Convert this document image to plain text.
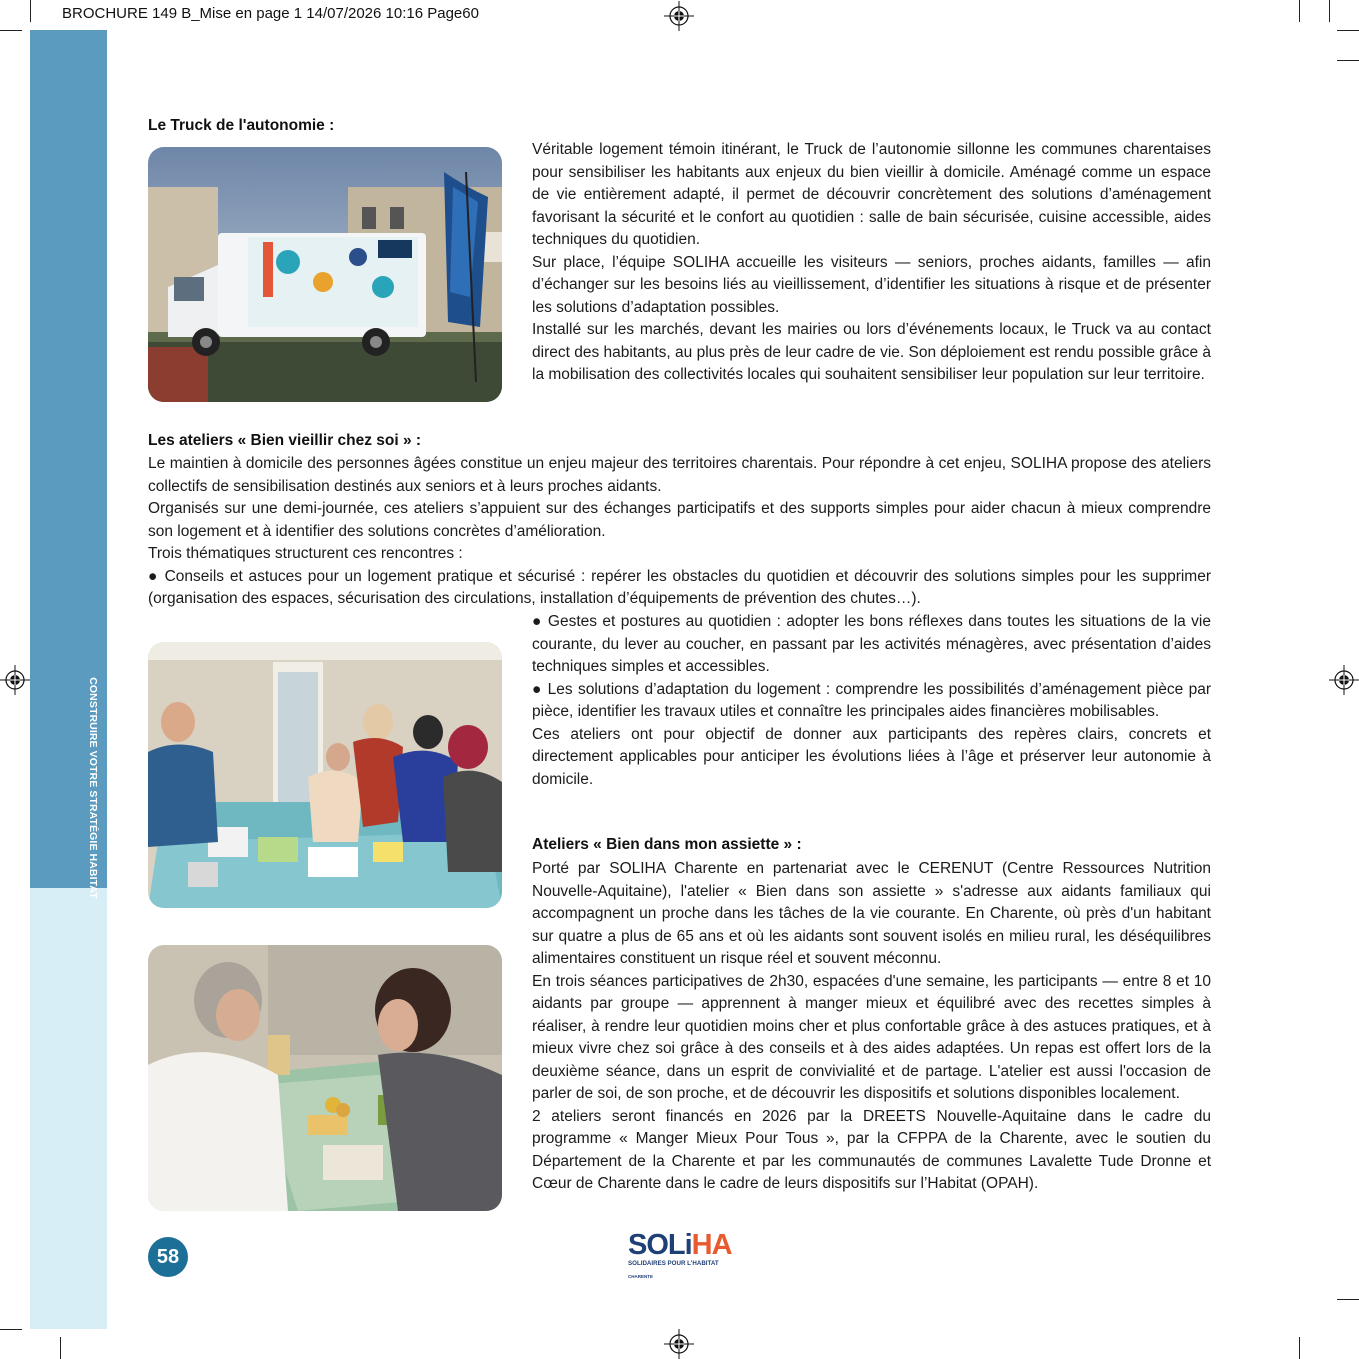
BROCHURE 149 B_Mise en page 1 14/07/2026 10:16 Page60
CONSTRUIRE VOTRE STRATÉGIE HABITAT
Le Truck de l'autonomie :

Véritable logement témoin itinérant, le Truck de l’autonomie sillonne les communes charentaises pour sensibiliser les habitants aux enjeux du bien vieillir à domicile. Aménagé comme un espace de vie entièrement adapté, il permet de découvrir concrètement des solutions d’aménagement favorisant la sécurité et le confort au quotidien : salle de bain sécurisée, cuisine accessible, aides techniques du quotidien.

Sur place, l’équipe SOLIHA accueille les visiteurs — seniors, proches aidants, familles — afin d’échanger sur les besoins liés au vieillissement, d’identifier les situations à risque et de présenter les solutions d’adaptation possibles.

Installé sur les marchés, devant les mairies ou lors d’événements locaux, le Truck va au contact direct des habitants, au plus près de leur cadre de vie. Son déploiement est rendu possible grâce à la mobilisation des collectivités locales qui souhaitent sensibiliser leur population sur leur territoire.

Les ateliers « Bien vieillir chez soi » :

Le maintien à domicile des personnes âgées constitue un enjeu majeur des territoires charentais. Pour répondre à cet enjeu, SOLIHA propose des ateliers collectifs de sensibilisation destinés aux seniors et à leurs proches aidants.

Organisés sur une demi-journée, ces ateliers s’appuient sur des échanges participatifs et des supports simples pour aider chacun à mieux comprendre son logement et à identifier des solutions concrètes d’amélioration.

Trois thématiques structurent ces rencontres :

● Conseils et astuces pour un logement pratique et sécurisé : repérer les obstacles du quotidien et découvrir des solutions simples pour les supprimer (organisation des espaces, sécurisation des circulations, installation d’équipements de prévention des chutes…).

● Gestes et postures au quotidien : adopter les bons réflexes dans toutes les situations de la vie courante, du lever au coucher, en passant par les activités ménagères, avec présentation d’aides techniques simples et accessibles.

● Les solutions d’adaptation du logement : comprendre les possibilités d’aménagement pièce par pièce, identifier les travaux utiles et connaître les principales aides financières mobilisables.

Ces ateliers ont pour objectif de donner aux participants des repères clairs, concrets et directement applicables pour anticiper les évolutions liées à l’âge et préserver leur autonomie à domicile.

Ateliers « Bien dans mon assiette » :

Porté par SOLIHA Charente en partenariat avec le CERENUT (Centre Ressources Nutrition Nouvelle-Aquitaine), l'atelier « Bien dans son assiette » s'adresse aux aidants familiaux qui accompagnent un proche dans les tâches de la vie courante. En Charente, où près d'un habitant sur quatre a plus de 65 ans et où les aidants sont souvent isolés en milieu rural, les déséquilibres alimentaires constituent un risque réel et souvent méconnu.

En trois séances participatives de 2h30, espacées d'une semaine, les participants — entre 8 et 10 aidants par groupe — apprennent à manger mieux et équilibré avec des recettes simples à réaliser, à rendre leur quotidien moins cher et plus confortable grâce à des astuces pratiques, et à mieux vivre chez soi grâce à des conseils et à des aides adaptées. Un repas est offert lors de la deuxième séance, dans un esprit de convivialité et de partage. L'atelier est aussi l'occasion de parler de soi, de son proche, et de découvrir les dispositifs et solutions disponibles localement.

2 ateliers seront financés en 2026 par la DREETS Nouvelle-Aquitaine dans le cadre du programme « Manger Mieux Pour Tous », par la CFPPA de la Charente, avec le soutien du Département de la Charente et par les communautés de communes Lavalette Tude Dronne et Cœur de Charente dans le cadre de leurs dispositifs sur l’Habitat (OPAH).

58	SOLiHA
SOLIDAIRES POUR L'HABITAT
CHARENTE
